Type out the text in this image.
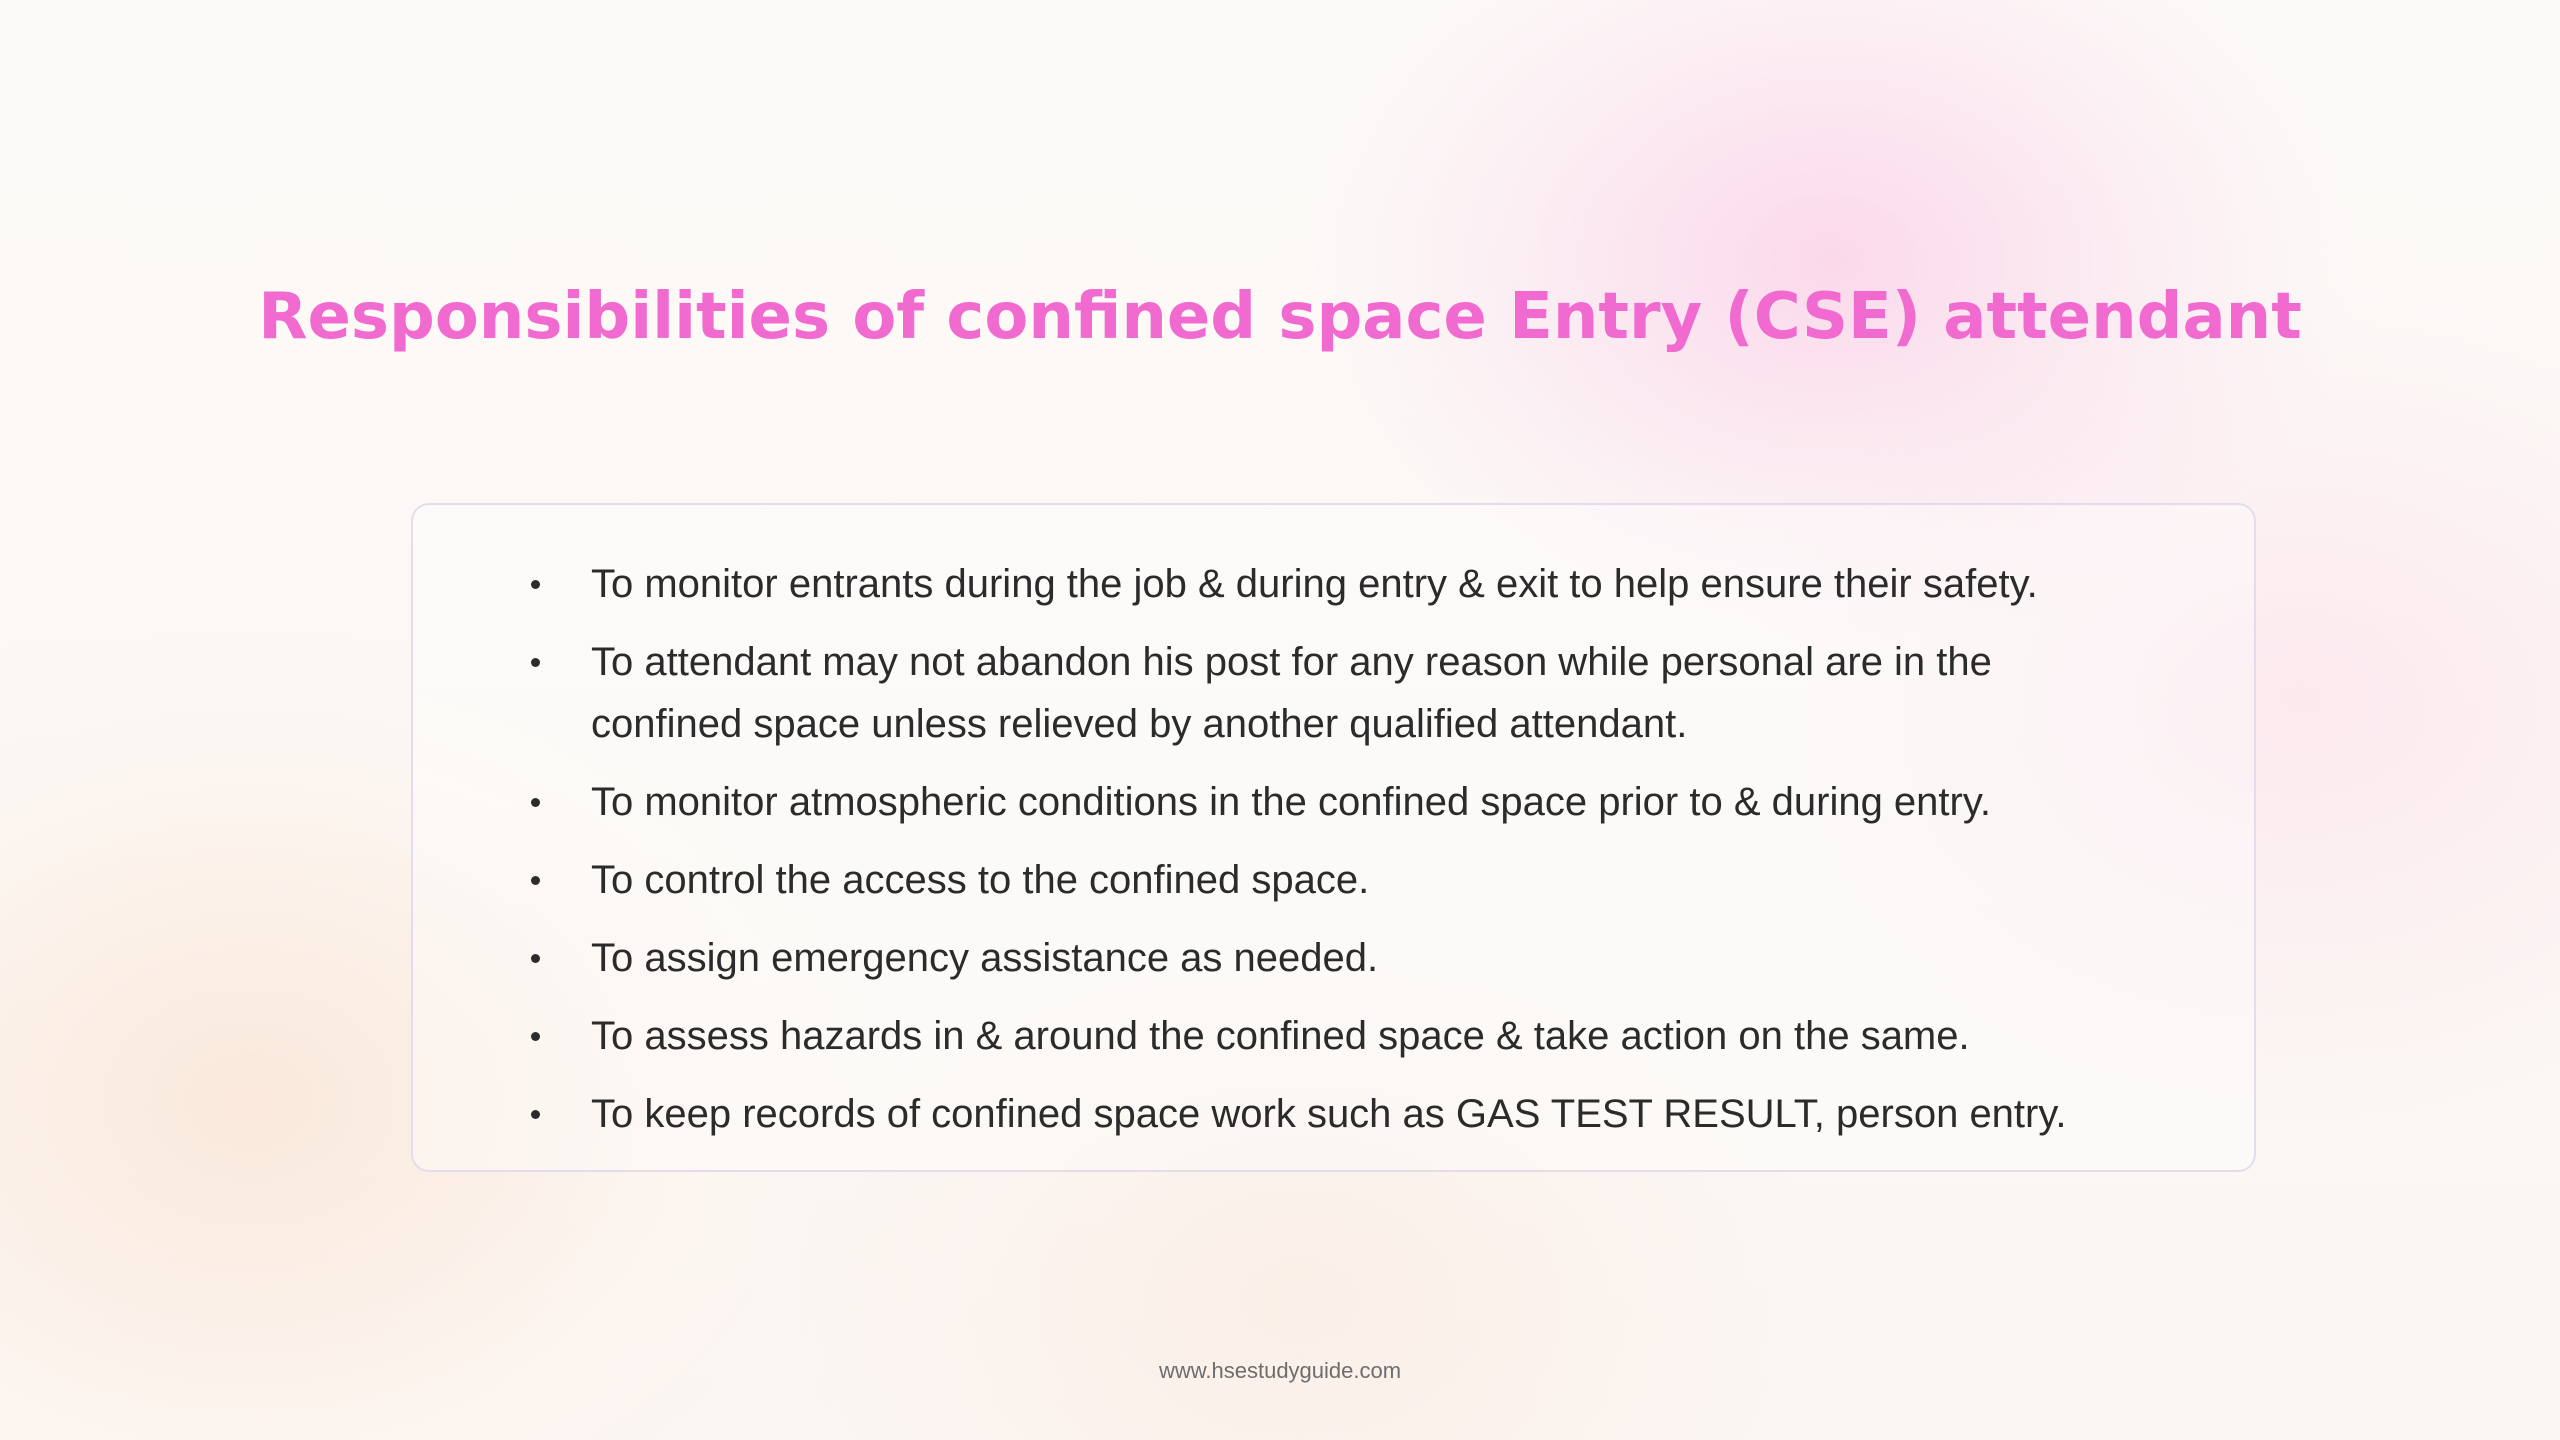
Responsibilities of confined space Entry (CSE) attendant
To monitor entrants during the job & during entry & exit to help ensure their safety.
To attendant may not abandon his post for any reason while personal are in the confined space unless relieved by another qualified attendant.
To monitor atmospheric conditions in the confined space prior to & during entry.
To control the access to the confined space.
To assign emergency assistance as needed.
To assess hazards in & around the confined space & take action on the same.
To keep records of confined space work such as GAS TEST RESULT, person entry.
www.hsestudyguide.com
